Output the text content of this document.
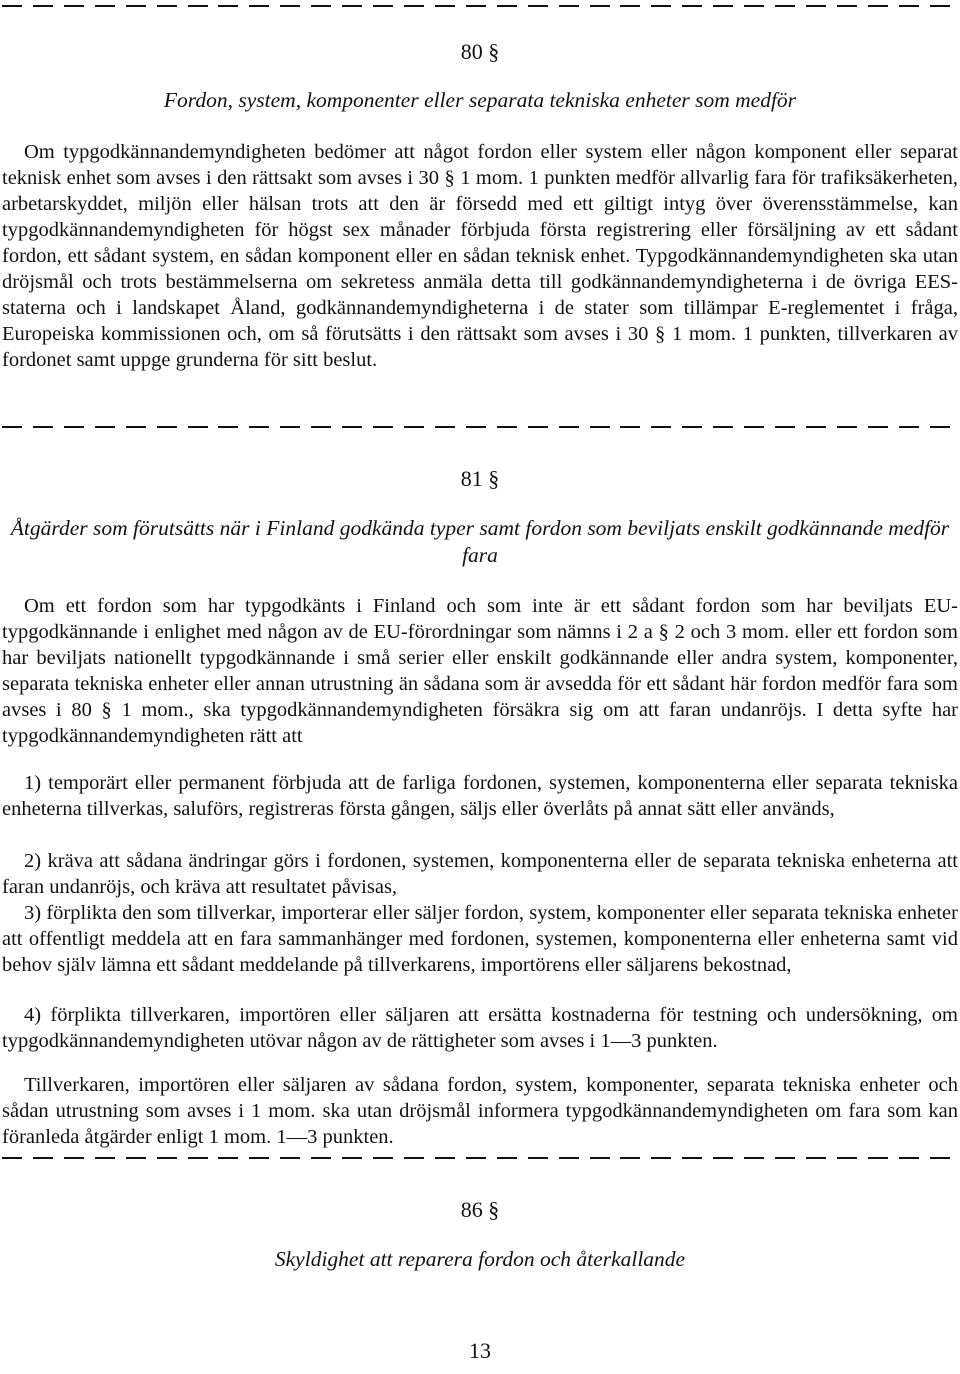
80 §
Fordon, system, komponenter eller separata tekniska enheter som medför

Om typgodkännandemyndigheten bedömer att något fordon eller system eller någon komponent eller separat teknisk enhet som avses i den rättsakt som avses i 30 § 1 mom. 1 punkten medför allvarlig fara för trafiksäkerheten, arbetarskyddet, miljön eller hälsan trots att den är försedd med ett giltigt intyg över överensstämmelse, kan typgodkännandemyndigheten för högst sex månader förbjuda första registrering eller försäljning av ett sådant fordon, ett sådant system, en sådan komponent eller en sådan teknisk enhet. Typgodkännandemyndigheten ska utan dröjsmål och trots bestämmelserna om sekretess anmäla detta till godkännandemyndigheterna i de övriga EES-staterna och i landskapet Åland, godkännandemyndigheterna i de stater som tillämpar E-reglementet i fråga, Europeiska kommissionen och, om så förutsätts i den rättsakt som avses i 30 § 1 mom. 1 punkten, tillverkaren av fordonet samt uppge grunderna för sitt beslut.

81 §
Åtgärder som förutsätts när i Finland godkända typer samt fordon som beviljats enskilt godkännande medför fara

Om ett fordon som har typgodkänts i Finland och som inte är ett sådant fordon som har beviljats EU-typgodkännande i enlighet med någon av de EU-förordningar som nämns i 2 a § 2 och 3 mom. eller ett fordon som har beviljats nationellt typgodkännande i små serier eller enskilt godkännande eller andra system, komponenter, separata tekniska enheter eller annan utrustning än sådana som är avsedda för ett sådant här fordon medför fara som avses i 80 § 1 mom., ska typgodkännandemyndigheten försäkra sig om att faran undanröjs. I detta syfte har typgodkännandemyndigheten rätt att

1) temporärt eller permanent förbjuda att de farliga fordonen, systemen, komponenterna eller separata tekniska enheterna tillverkas, saluförs, registreras första gången, säljs eller överlåts på annat sätt eller används,

2) kräva att sådana ändringar görs i fordonen, systemen, komponenterna eller de separata tekniska enheterna att faran undanröjs, och kräva att resultatet påvisas,

3) förplikta den som tillverkar, importerar eller säljer fordon, system, komponenter eller separata tekniska enheter att offentligt meddela att en fara sammanhänger med fordonen, systemen, komponenterna eller enheterna samt vid behov själv lämna ett sådant meddelande på tillverkarens, importörens eller säljarens bekostnad,

4) förplikta tillverkaren, importören eller säljaren att ersätta kostnaderna för testning och undersökning, om typgodkännandemyndigheten utövar någon av de rättigheter som avses i 1—3 punkten.

Tillverkaren, importören eller säljaren av sådana fordon, system, komponenter, separata tekniska enheter och sådan utrustning som avses i 1 mom. ska utan dröjsmål informera typgodkännandemyndigheten om fara som kan föranleda åtgärder enligt 1 mom. 1—3 punkten.

86 §
Skyldighet att reparera fordon och återkallande
13
